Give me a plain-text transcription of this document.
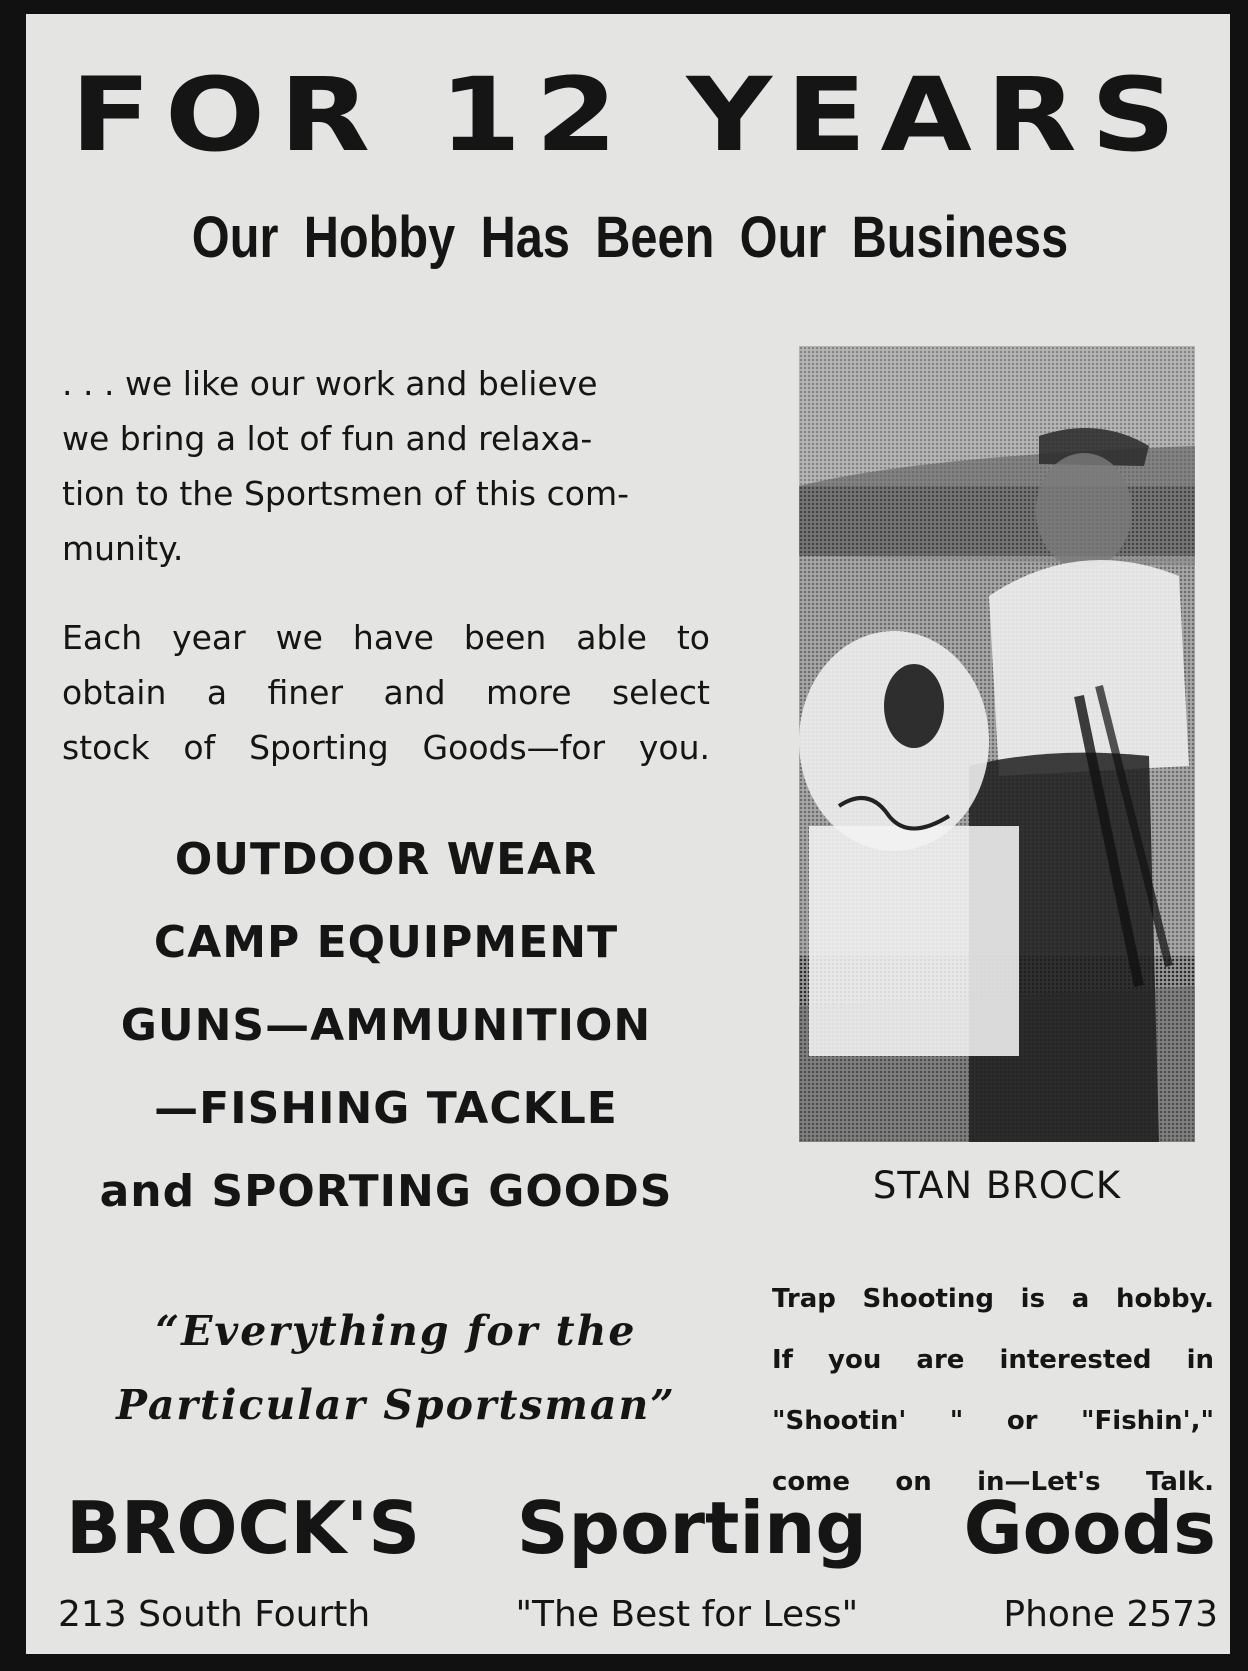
FOR 12 YEARS
Our Hobby Has Been Our Business
. . . we like our work and believe
we bring a lot of fun and relaxa-
tion to the Sportsmen of this com-
munity.
Each year we have been able to
obtain a finer and more select
stock of Sporting Goods—for you.
OUTDOOR WEAR
CAMP EQUIPMENT
GUNS—AMMUNITION
—FISHING TACKLE
and SPORTING GOODS
“Everything for the
Particular Sportsman”
STAN BROCK
Trap Shooting is a hobby.
If you are interested in
"Shootin' " or "Fishin',"
come on in—Let's Talk.
BROCK'S Sporting Goods
213 South Fourth	"The Best for Less"	Phone 2573
